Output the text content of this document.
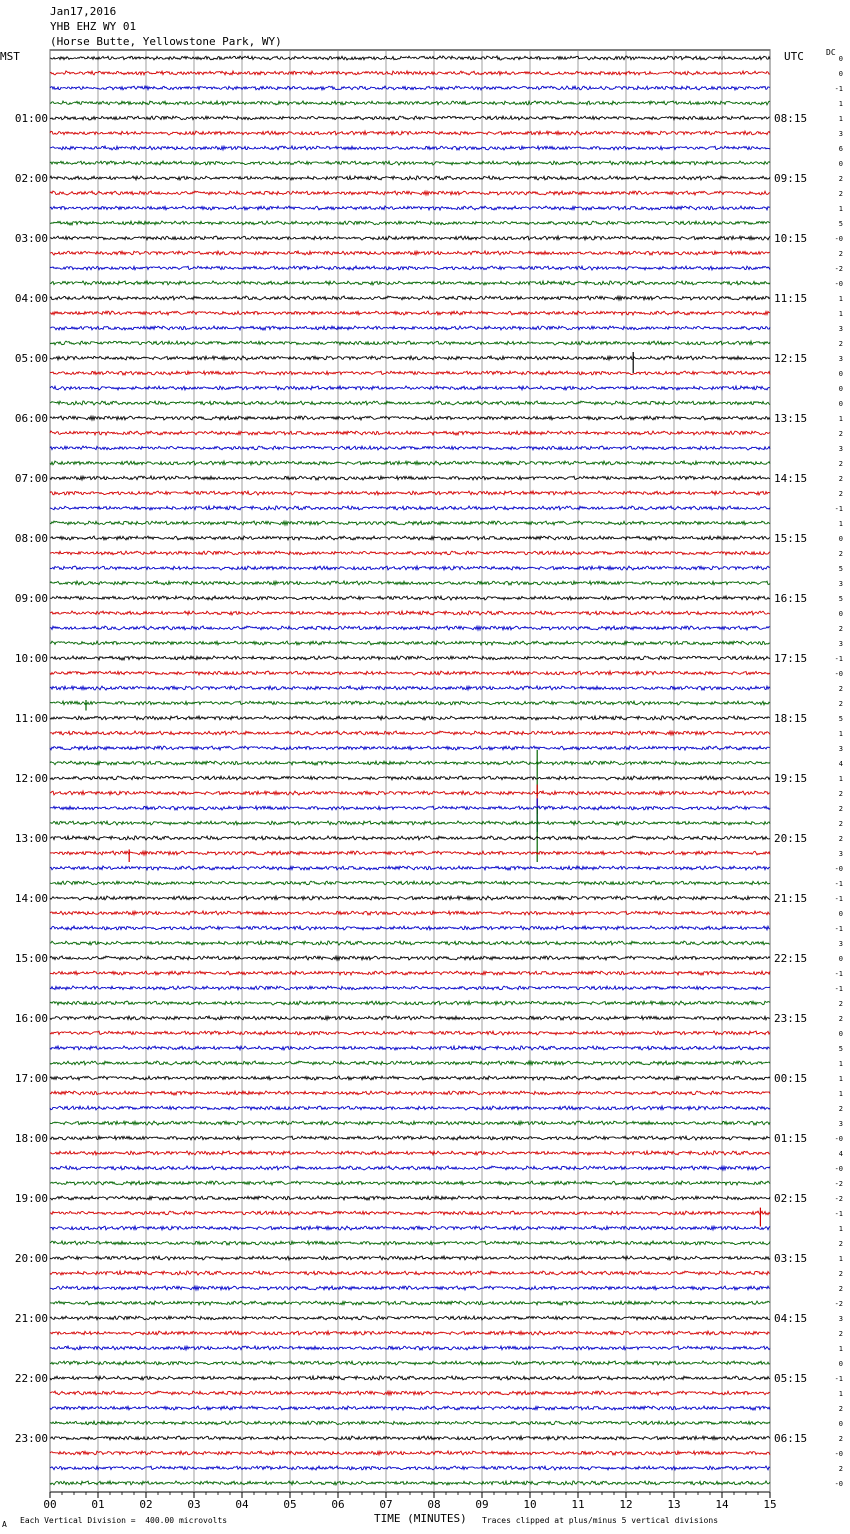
Jan17,2016
YHB EHZ WY 01
(Horse Butte, Yellowstone Park, WY)
MST	UTC	DC
00	01	02	03	04	05	06	07	08	09	10	11	12	13	14	15
0
0
-1
1
1
3
6
0
2
2
1
5
-0
2
-2
-0
1
1
3
2
3
0
0
0
1
2
3
2
2
2
-1
1
0
2
5
3
5
0
2
3
-1
-0
2
2
5
1
3
4
1
2
2
2
2
3
-0
-1
-1
0
-1
3
0
-1
-1
2
2
0
5
1
1
1
2
3
-0
4
-0
-2
-2
-1
1
2
1
2
2
-2
3
2
1
0
-1
1
2
0
2
-0
2
-0
01:00
02:00
03:00
04:00
05:00
06:00
07:00
08:00
09:00
10:00
11:00
12:00
13:00
14:00
15:00
16:00
17:00
18:00
19:00
20:00
21:00
22:00
23:00
08:15
09:15
10:15
11:15
12:15
13:15
14:15
15:15
16:15
17:15
18:15
19:15
20:15
21:15
22:15
23:15
00:15
01:15
02:15
03:15
04:15
05:15
06:15
A Each Vertical Division =  400.00 microvolts	TIME (MINUTES) Traces clipped at plus/minus 5 vertical divisions
